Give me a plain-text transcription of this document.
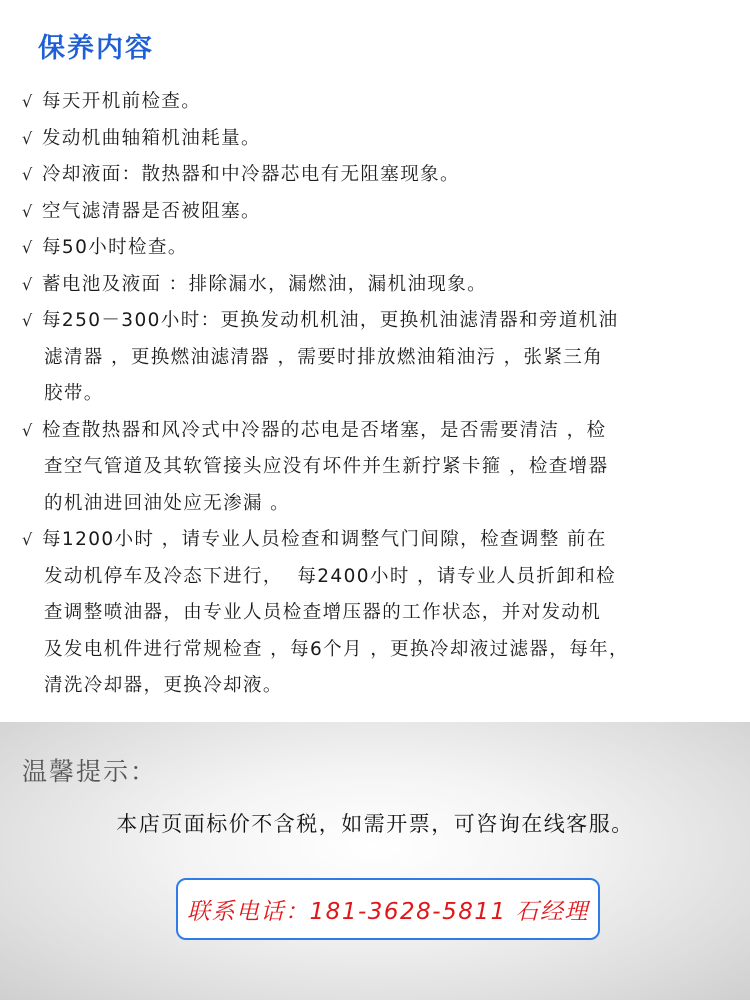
保养内容
√ 每天开机前检查。
√ 发动机曲轴箱机油耗量。
√ 冷却液面：散热器和中冷器芯电有无阻塞现象。
√ 空气滤清器是否被阻塞。
√ 每50小时检查。
√ 蓄电池及液面 ：排除漏水，漏燃油，漏机油现象。
√ 每250－300小时：更换发动机机油，更换机油滤清器和旁道机油
滤清器 ，更换燃油滤清器 ，需要时排放燃油箱油污 ，张紧三角
胶带。
√ 检查散热器和风冷式中冷器的芯电是否堵塞，是否需要清洁 ，检
查空气管道及其软管接头应没有坏件并生新拧紧卡箍 ，检查增器
的机油进回油处应无渗漏 。
√ 每1200小时 ，请专业人员检查和调整气门间隙，检查调整 前在
发动机停车及冷态下进行，  每2400小时 ，请专业人员折卸和检
查调整喷油器，由专业人员检查增压器的工作状态，并对发动机
及发电机件进行常规检查 ，每6个月 ，更换冷却液过滤器，每年，
清洗冷却器，更换冷却液。
温馨提示：
本店页面标价不含税，如需开票，可咨询在线客服。
联系电话：181-3628-5811 石经理
